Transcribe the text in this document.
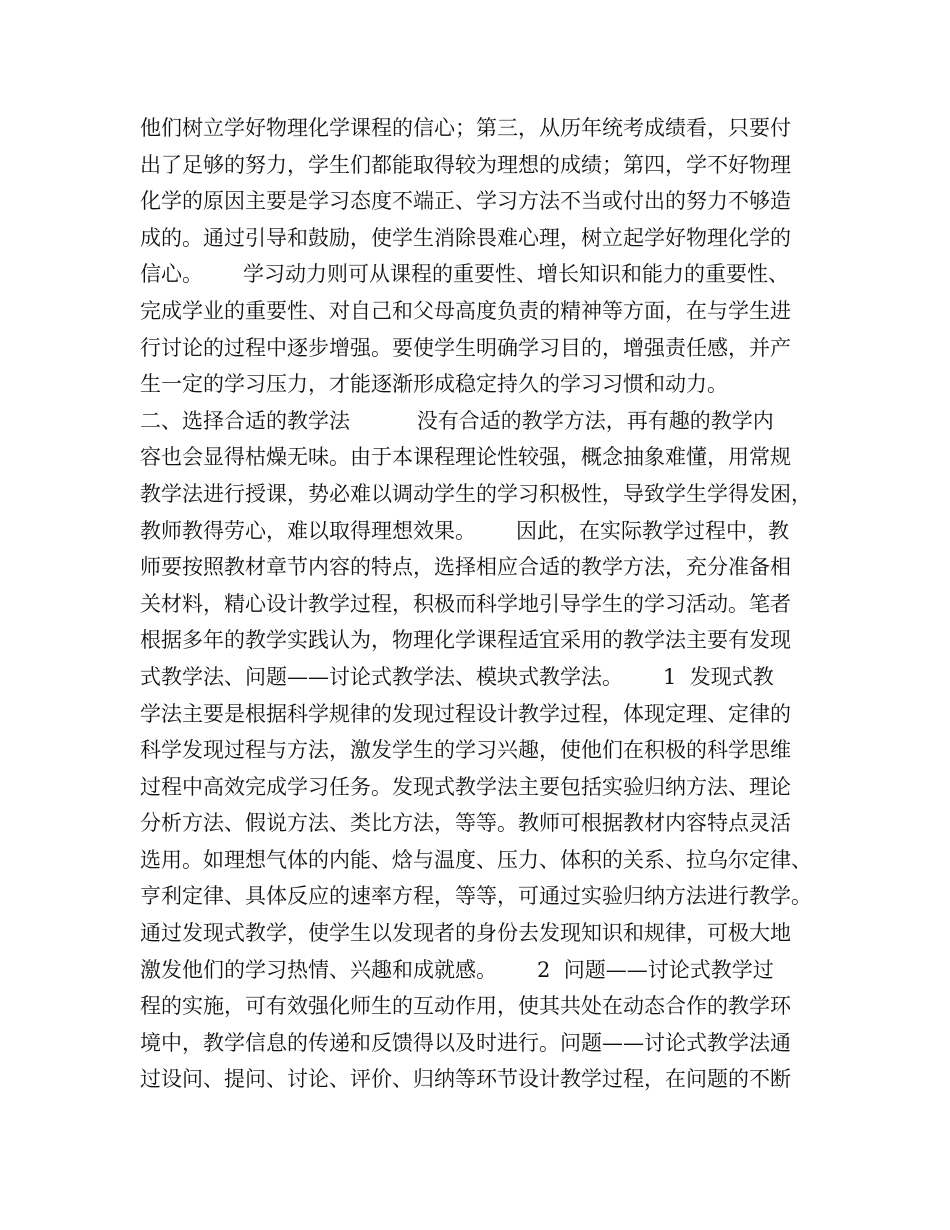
他们树立学好物理化学课程的信心；第三，从历年统考成绩看，只要付
出了足够的努力，学生们都能取得较为理想的成绩；第四，学不好物理
化学的原因主要是学习态度不端正、学习方法不当或付出的努力不够造
成的。通过引导和鼓励，使学生消除畏难心理，树立起学好物理化学的
信心。      学习动力则可从课程的重要性、增长知识和能力的重要性、
完成学业的重要性、对自己和父母高度负责的精神等方面，在与学生进
行讨论的过程中逐步增强。要使学生明确学习目的，增强责任感，并产
生一定的学习压力，才能逐渐形成稳定持久的学习习惯和动力。
二、选择合适的教学法          没有合适的教学方法，再有趣的教学内
容也会显得枯燥无味。由于本课程理论性较强，概念抽象难懂，用常规
教学法进行授课，势必难以调动学生的学习积极性，导致学生学得发困，
教师教得劳心，难以取得理想效果。      因此，在实际教学过程中，教
师要按照教材章节内容的特点，选择相应合适的教学方法，充分准备相
关材料，精心设计教学过程，积极而科学地引导学生的学习活动。笔者
根据多年的教学实践认为，物理化学课程适宜采用的教学法主要有发现
式教学法、问题——讨论式教学法、模块式教学法。      1  发现式教
学法主要是根据科学规律的发现过程设计教学过程，体现定理、定律的
科学发现过程与方法，激发学生的学习兴趣，使他们在积极的科学思维
过程中高效完成学习任务。发现式教学法主要包括实验归纳方法、理论
分析方法、假说方法、类比方法，等等。教师可根据教材内容特点灵活
选用。如理想气体的内能、焓与温度、压力、体积的关系、拉乌尔定律、
亨利定律、具体反应的速率方程，等等，可通过实验归纳方法进行教学。
通过发现式教学，使学生以发现者的身份去发现知识和规律，可极大地
激发他们的学习热情、兴趣和成就感。      2  问题——讨论式教学过
程的实施，可有效强化师生的互动作用，使其共处在动态合作的教学环
境中，教学信息的传递和反馈得以及时进行。问题——讨论式教学法通
过设问、提问、讨论、评价、归纳等环节设计教学过程，在问题的不断
